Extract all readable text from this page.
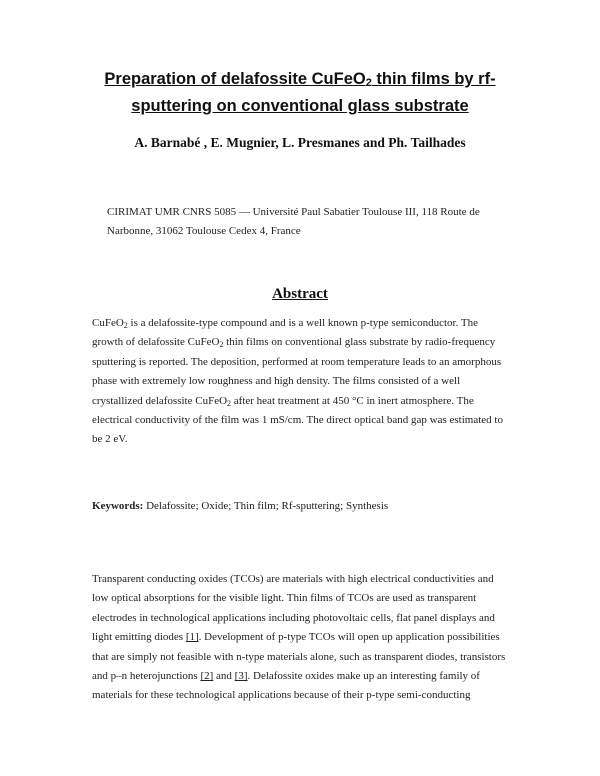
Preparation of delafossite CuFeO$_2$ thin films by rf-
sputtering on conventional glass substrate
A. Barnabé , E. Mugnier, L. Presmanes and Ph. Tailhades
CIRIMAT UMR CNRS 5085 — Université Paul Sabatier Toulouse III, 118 Route de
Narbonne, 31062 Toulouse Cedex 4, France
Abstract
CuFeO$_2$ is a delafossite-type compound and is a well known p-type semiconductor. The
growth of delafossite CuFeO$_2$ thin films on conventional glass substrate by radio-frequency
sputtering is reported. The deposition, performed at room temperature leads to an amorphous
phase with extremely low roughness and high density. The films consisted of a well
crystallized delafossite CuFeO$_2$ after heat treatment at 450 °C in inert atmosphere. The
electrical conductivity of the film was 1 mS/cm. The direct optical band gap was estimated to
be 2 eV.
Keywords: Delafossite; Oxide; Thin film; Rf-sputtering; Synthesis
Transparent conducting oxides (TCOs) are materials with high electrical conductivities and
low optical absorptions for the visible light. Thin films of TCOs are used as transparent
electrodes in technological applications including photovoltaic cells, flat panel displays and
light emitting diodes [1]. Development of p-type TCOs will open up application possibilities
that are simply not feasible with n-type materials alone, such as transparent diodes, transistors
and p–n heterojunctions [2] and [3]. Delafossite oxides make up an interesting family of
materials for these technological applications because of their p-type semi-conducting
